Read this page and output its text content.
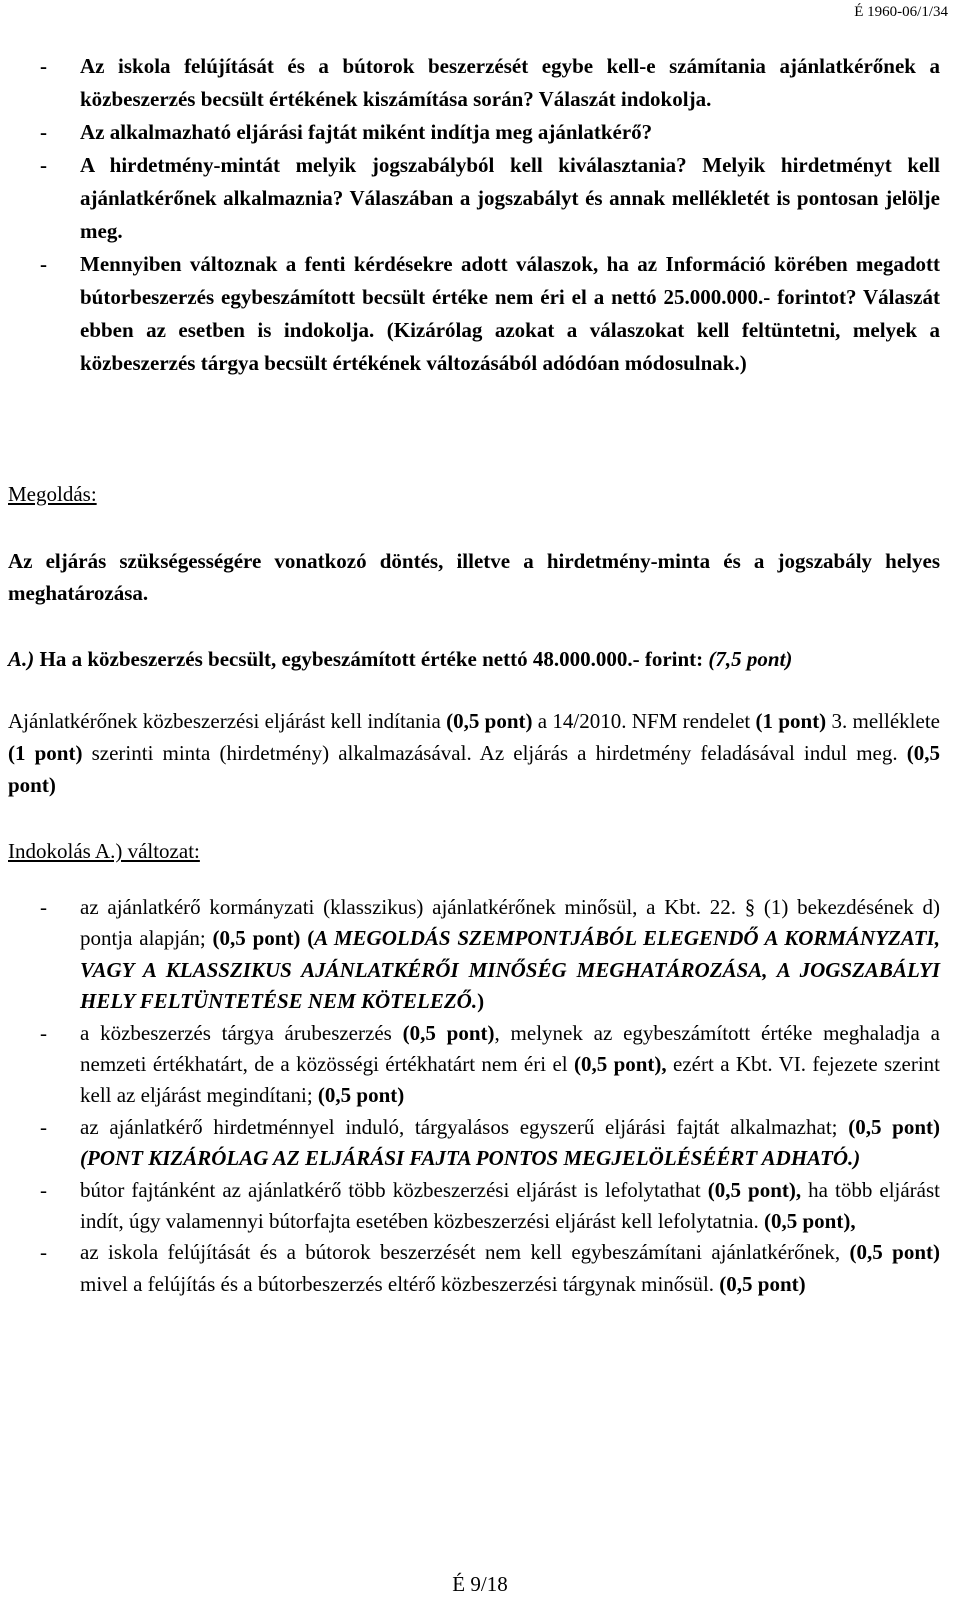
É 1960-06/1/34
- Az iskola felújítását és a bútorok beszerzését egybe kell-e számítania ajánlatkérőnek a közbeszerzés becsült értékének kiszámítása során? Válaszát indokolja.
- Az alkalmazható eljárási fajtát miként indítja meg ajánlatkérő?
- A hirdetmény-mintát melyik jogszabályból kell kiválasztania? Melyik hirdetményt kell ajánlatkérőnek alkalmaznia? Válaszában a jogszabályt és annak mellékletét is pontosan jelölje meg.
- Mennyiben változnak a fenti kérdésekre adott válaszok, ha az Információ körében megadott bútorbeszerzés egybeszámított becsült értéke nem éri el a nettó 25.000.000.- forintot? Válaszát ebben az esetben is indokolja. (Kizárólag azokat a válaszokat kell feltüntetni, melyek a közbeszerzés tárgya becsült értékének változásából adódóan módosulnak.)
Megoldás:
Az eljárás szükségességére vonatkozó döntés, illetve a hirdetmény-minta és a jogszabály helyes meghatározása.
A.) Ha a közbeszerzés becsült, egybeszámított értéke nettó 48.000.000.- forint: (7,5 pont)
Ajánlatkérőnek közbeszerzési eljárást kell indítania (0,5 pont) a 14/2010. NFM rendelet (1 pont) 3. melléklete (1 pont) szerinti minta (hirdetmény) alkalmazásával. Az eljárás a hirdetmény feladásával indul meg. (0,5 pont)
Indokolás A.) változat:
- az ajánlatkérő kormányzati (klasszikus) ajánlatkérőnek minősül, a Kbt. 22. § (1) bekezdésének d) pontja alapján; (0,5 pont) (A MEGOLDÁS SZEMPONTJÁBÓL ELEGENDŐ A KORMÁNYZATI, VAGY A KLASSZIKUS AJÁNLATKÉRŐI MINŐSÉG MEGHATÁROZÁSA, A JOGSZABÁLYI HELY FELTÜNTETÉSE NEM KÖTELEZŐ.)
- a közbeszerzés tárgya árubeszerzés (0,5 pont), melynek az egybeszámított értéke meghaladja a nemzeti értékhatárt, de a közösségi értékhatárt nem éri el (0,5 pont), ezért a Kbt. VI. fejezete szerint kell az eljárást megindítani; (0,5 pont)
- az ajánlatkérő hirdetménnyel induló, tárgyalásos egyszerű eljárási fajtát alkalmazhat; (0,5 pont) (PONT KIZÁRÓLAG AZ ELJÁRÁSI FAJTA PONTOS MEGJELÖLÉSÉÉRT ADHATÓ.)
- bútor fajtánként az ajánlatkérő több közbeszerzési eljárást is lefolytathat (0,5 pont), ha több eljárást indít, úgy valamennyi bútorfajta esetében közbeszerzési eljárást kell lefolytatnia. (0,5 pont),
- az iskola felújítását és a bútorok beszerzését nem kell egybeszámítani ajánlatkérőnek, (0,5 pont) mivel a felújítás és a bútorbeszerzés eltérő közbeszerzési tárgynak minősül. (0,5 pont)
É 9/18
